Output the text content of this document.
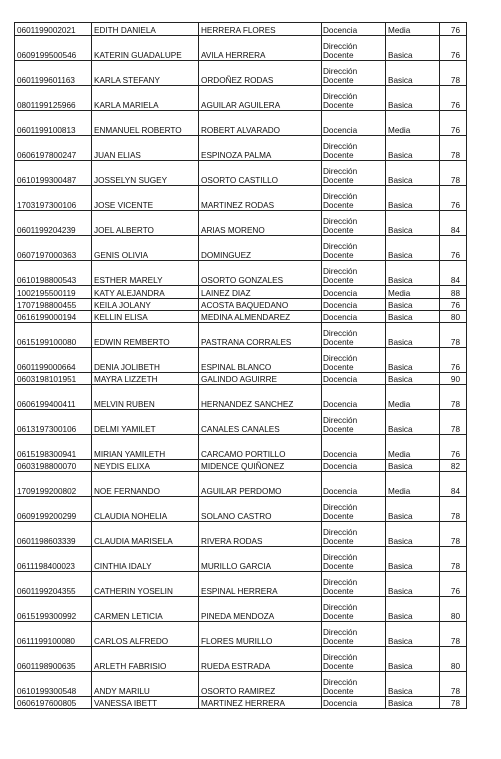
0601199002021	EDITH DANIELA	HERRERA FLORES	Docencia	Media	76
0609199500546	KATERIN GUADALUPE	AVILA HERRERA	Dirección
Docente	Basica	76
0601199601163	KARLA STEFANY	ORDOÑEZ RODAS	Dirección
Docente	Basica	78
0801199125966	KARLA MARIELA	AGUILAR AGUILERA	Dirección
Docente	Basica	76
0601199100813	ENMANUEL ROBERTO	ROBERT ALVARADO	Docencia	Media	76
0606197800247	JUAN ELIAS	ESPINOZA PALMA	Dirección
Docente	Basica	78
0610199300487	JOSSELYN SUGEY	OSORTO CASTILLO	Dirección
Docente	Basica	78
1703197300106	JOSE VICENTE	MARTINEZ RODAS	Dirección
Docente	Basica	76
0601199204239	JOEL ALBERTO	ARIAS MORENO	Dirección
Docente	Basica	84
0607197000363	GENIS OLIVIA	DOMINGUEZ	Dirección
Docente	Basica	76
0610198800543	ESTHER MARELY	OSORTO GONZALES	Dirección
Docente	Basica	84
1002195500119	KATY ALEJANDRA	LAINEZ DIAZ	Docencia	Media	88
1707198800455	KEILA JOLANY	ACOSTA BAQUEDANO	Docencia	Basica	76
0616199000194	KELLIN ELISA	MEDINA ALMENDAREZ	Docencia	Basica	80
0615199100080	EDWIN REMBERTO	PASTRANA CORRALES	Dirección
Docente	Basica	78
0601199000664	DENIA JOLIBETH	ESPINAL BLANCO	Dirección
Docente	Basica	76
0603198101951	MAYRA LIZZETH	GALINDO AGUIRRE	Docencia	Basica	90
0606199400411	MELVIN RUBEN	HERNANDEZ SANCHEZ	Docencia	Media	78
0613197300106	DELMI YAMILET	CANALES CANALES	Dirección
Docente	Basica	78
0615198300941	MIRIAN YAMILETH	CARCAMO PORTILLO	Docencia	Media	76
0603198800070	NEYDIS ELIXA	MIDENCE QUIÑONEZ	Docencia	Basica	82
1709199200802	NOE FERNANDO	AGUILAR PERDOMO	Docencia	Media	84
0609199200299	CLAUDIA NOHELIA	SOLANO CASTRO	Dirección
Docente	Basica	78
0601198603339	CLAUDIA MARISELA	RIVERA RODAS	Dirección
Docente	Basica	78
0611198400023	CINTHIA IDALY	MURILLO GARCIA	Dirección
Docente	Basica	78
0601199204355	CATHERIN YOSELIN	ESPINAL HERRERA	Dirección
Docente	Basica	76
0615199300992	CARMEN LETICIA	PINEDA MENDOZA	Dirección
Docente	Basica	80
0611199100080	CARLOS ALFREDO	FLORES MURILLO	Dirección
Docente	Basica	78
0601198900635	ARLETH FABRISIO	RUEDA ESTRADA	Dirección
Docente	Basica	80
0610199300548	ANDY MARILU	OSORTO RAMIREZ	Dirección
Docente	Basica	78
0606197600805	VANESSA IBETT	MARTINEZ HERRERA	Docencia	Basica	78
